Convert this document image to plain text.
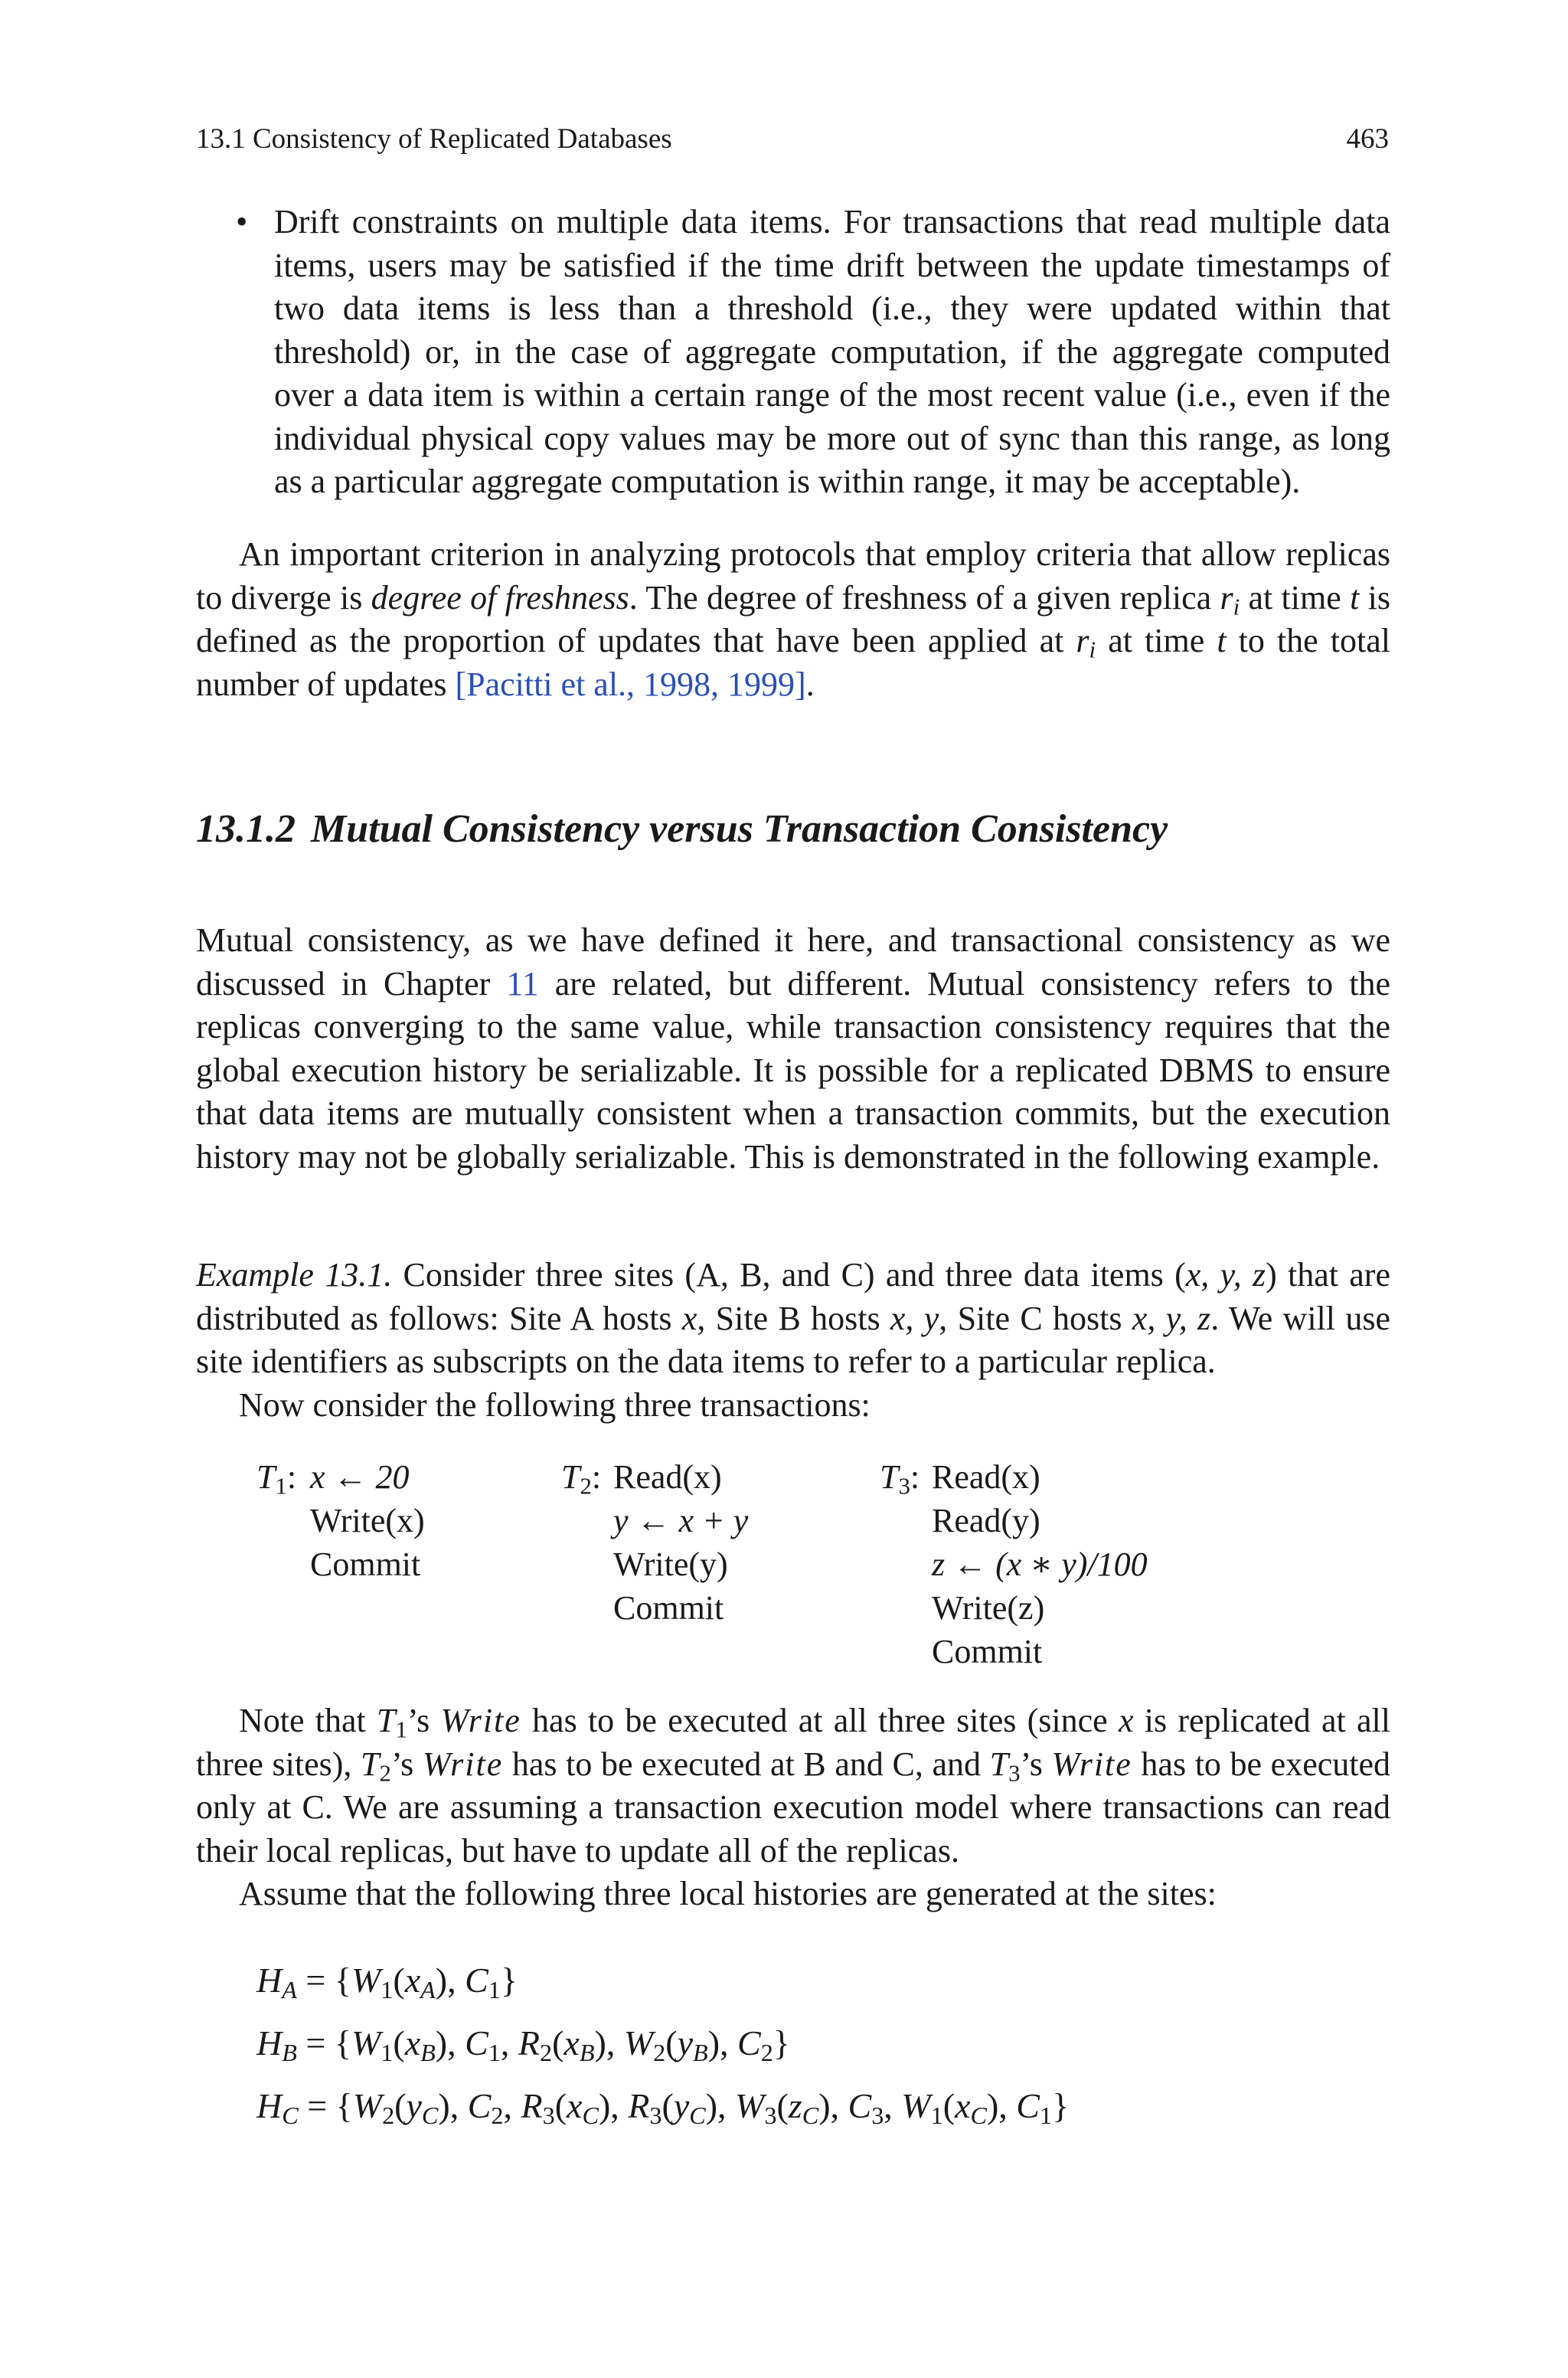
13.1 Consistency of Replicated Databases	463
• Drift constraints on multiple data items. For transactions that read multiple data items, users may be satisfied if the time drift between the update timestamps of two data items is less than a threshold (i.e., they were updated within that threshold) or, in the case of aggregate computation, if the aggregate computed over a data item is within a certain range of the most recent value (i.e., even if the individual physical copy values may be more out of sync than this range, as long as a particular aggregate computation is within range, it may be acceptable).
An important criterion in analyzing protocols that employ criteria that allow replicas to diverge is degree of freshness. The degree of freshness of a given replica $r_i$ at time t is defined as the proportion of updates that have been applied at $r_i$ at time t to the total number of updates [Pacitti et al., 1998, 1999].
13.1.2 Mutual Consistency versus Transaction Consistency
Mutual consistency, as we have defined it here, and transactional consistency as we discussed in Chapter 11 are related, but different. Mutual consistency refers to the replicas converging to the same value, while transaction consistency requires that the global execution history be serializable. It is possible for a replicated DBMS to ensure that data items are mutually consistent when a transaction commits, but the execution history may not be globally serializable. This is demonstrated in the following example.
Example 13.1. Consider three sites (A, B, and C) and three data items (x, y, z) that are distributed as follows: Site A hosts x, Site B hosts x, y, Site C hosts x, y, z. We will use site identifiers as subscripts on the data items to refer to a particular replica.
Now consider the following three transactions:
$T_1$: x ← 20
Write(x)
Commit
$T_2$: Read(x)
y ← x + y
Write(y)
Commit
$T_3$: Read(x)
Read(y)
z ← (x ∗ y)/100
Write(z)
Commit
Note that $T_1’s$ Write has to be executed at all three sites (since x is replicated at all three sites), $T_2’s$ Write has to be executed at B and C, and $T_3’s$ Write has to be executed only at C. We are assuming a transaction execution model where transactions can read their local replicas, but have to update all of the replicas.
Assume that the following three local histories are generated at the sites:
$H_A = \{W_1(x_A)$, $C_1$}
$H_B = \{W_1(x_B)$, $C_1$, $R_2(x_B)$, $W_2(y_B)$, $C_2$}
$H_C = \{W_2(y_C)$, $C_2$, $R_3(x_C)$, $R_3(y_C)$, $W_3(z_C)$, $C_3$, $W_1(x_C)$, $C_1$}
